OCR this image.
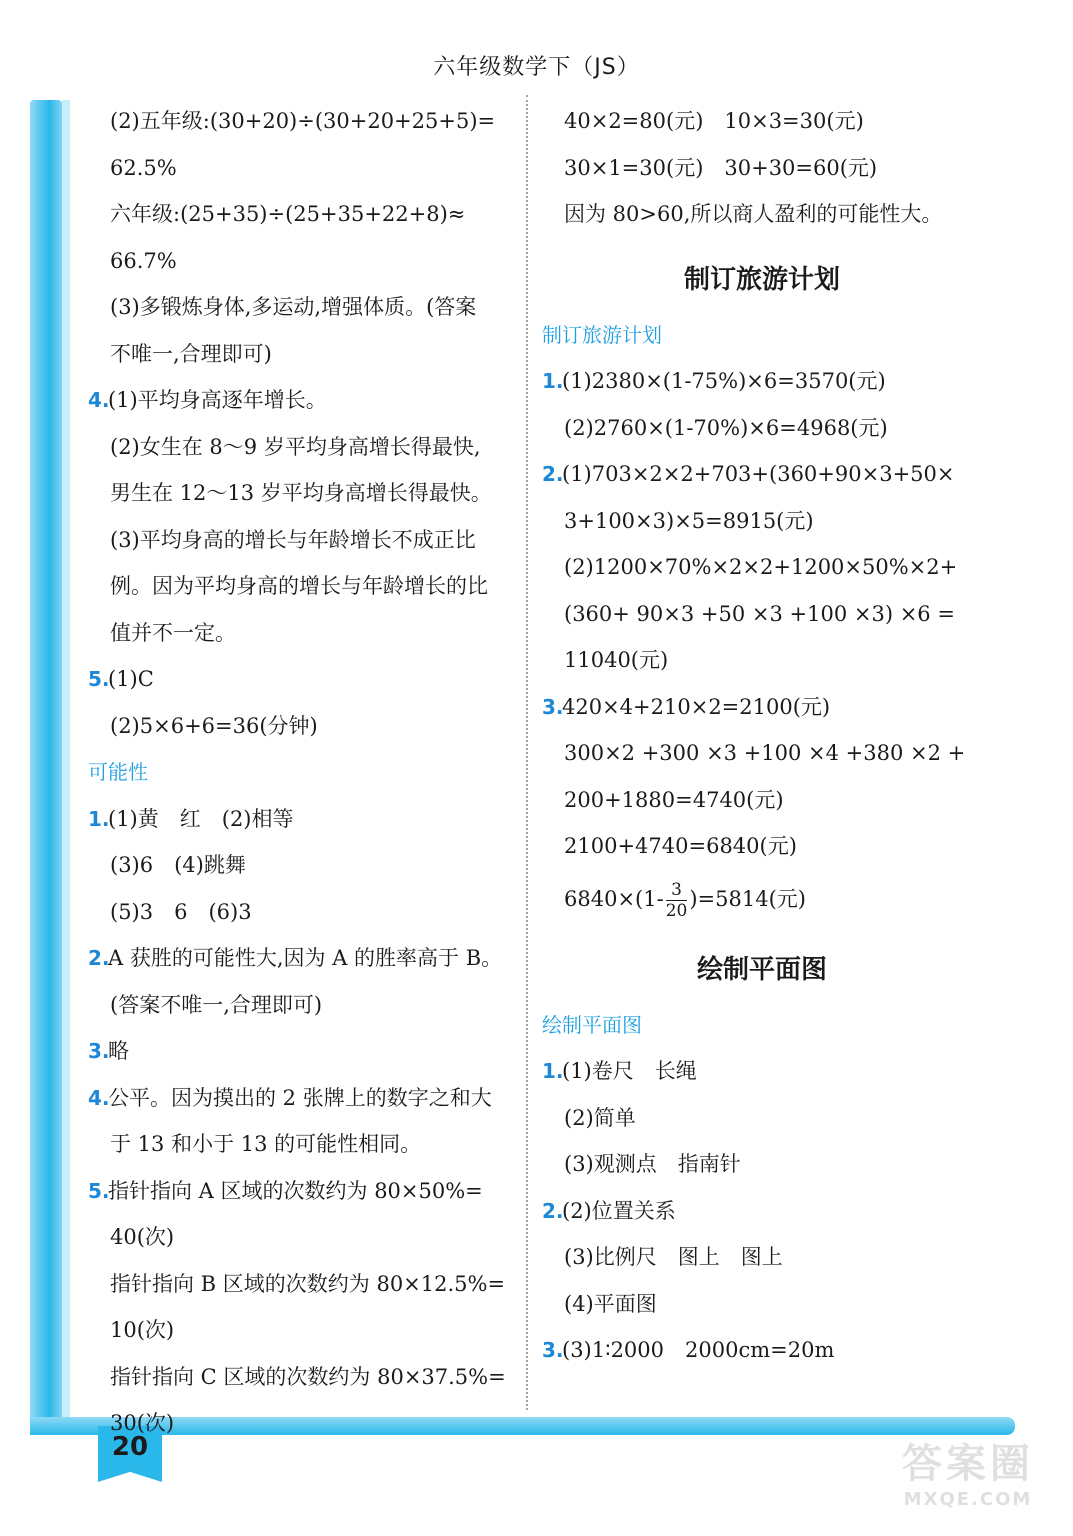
六年级数学下（JS）
20
(2)五年级:(30+20)÷(30+20+25+5)=
62.5%
六年级:(25+35)÷(25+35+22+8)≈
66.7%
(3)多锻炼身体,多运动,增强体质。(答案
不唯一,合理即可)
4.(1)平均身高逐年增长。
(2)女生在 8～9 岁平均身高增长得最快,
男生在 12～13 岁平均身高增长得最快。
(3)平均身高的增长与年龄增长不成正比
例。因为平均身高的增长与年龄增长的比
值并不一定。
5.(1)C
(2)5×6+6=36(分钟)
可能性
1.(1)黄　红　(2)相等
(3)6　(4)跳舞
(5)3　6　(6)3
2.A 获胜的可能性大,因为 A 的胜率高于 B。
(答案不唯一,合理即可)
3.略
4.公平。因为摸出的 2 张牌上的数字之和大
于 13 和小于 13 的可能性相同。
5.指针指向 A 区域的次数约为 80×50%=
40(次)
指针指向 B 区域的次数约为 80×12.5%=
10(次)
指针指向 C 区域的次数约为 80×37.5%=
30(次)
40×2=80(元)　10×3=30(元)
30×1=30(元)　30+30=60(元)
因为 80>60,所以商人盈利的可能性大。
制订旅游计划
制订旅游计划
1.(1)2380×(1-75%)×6=3570(元)
(2)2760×(1-70%)×6=4968(元)
2.(1)703×2×2+703+(360+90×3+50×
3+100×3)×5=8915(元)
(2)1200×70%×2×2+1200×50%×2+
(360+ 90×3 +50 ×3 +100 ×3) ×6 =
11040(元)
3.420×4+210×2=2100(元)
300×2 +300 ×3 +100 ×4 +380 ×2 +
200+1880=4740(元)
2100+4740=6840(元)
$6840\times(1- \frac{3}{20} )=5814$(元)
绘制平面图
绘制平面图
1.(1)卷尺　长绳
(2)简单
(3)观测点　指南针
2.(2)位置关系
(3)比例尺　图上　图上
(4)平面图
3.(3)1∶2000　2000cm=20m
答案圈
MXQE.COM
